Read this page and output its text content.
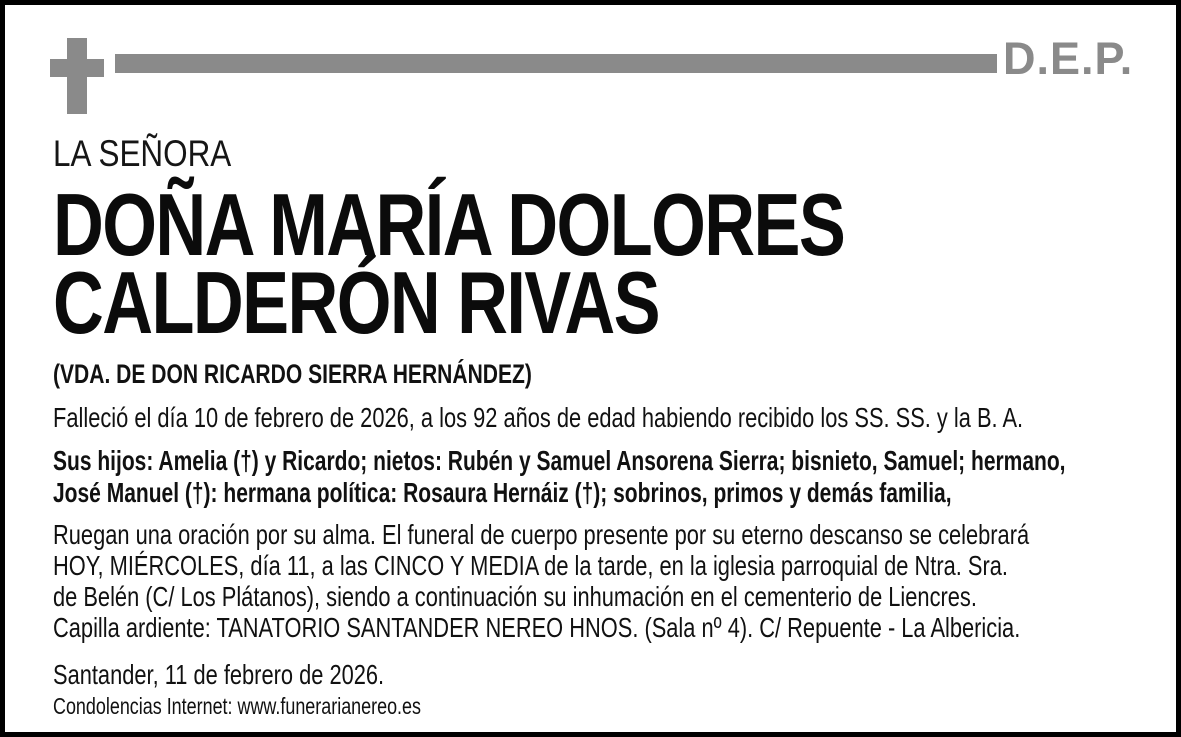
D.E.P.
LA SEÑORA
DOÑA MARÍA DOLORES
CALDERÓN RIVAS
(VDA. DE DON RICARDO SIERRA HERNÁNDEZ)
Falleció el día 10 de febrero de 2026, a los 92 años de edad habiendo recibido los SS. SS. y la B. A.
Sus hijos: Amelia (†) y Ricardo; nietos: Rubén y Samuel Ansorena Sierra; bisnieto, Samuel; hermano,
José Manuel (†): hermana política: Rosaura Hernáiz (†); sobrinos, primos y demás familia,
Ruegan una oración por su alma. El funeral de cuerpo presente por su eterno descanso se celebrará
HOY, MIÉRCOLES, día 11, a las CINCO Y MEDIA de la tarde, en la iglesia parroquial de Ntra. Sra.
de Belén (C/ Los Plátanos), siendo a continuación su inhumación en el cementerio de Liencres.
Capilla ardiente: TANATORIO SANTANDER NEREO HNOS. (Sala nº 4). C/ Repuente - La Albericia.
Santander, 11 de febrero de 2026.
Condolencias Internet: www.funerarianereo.es
